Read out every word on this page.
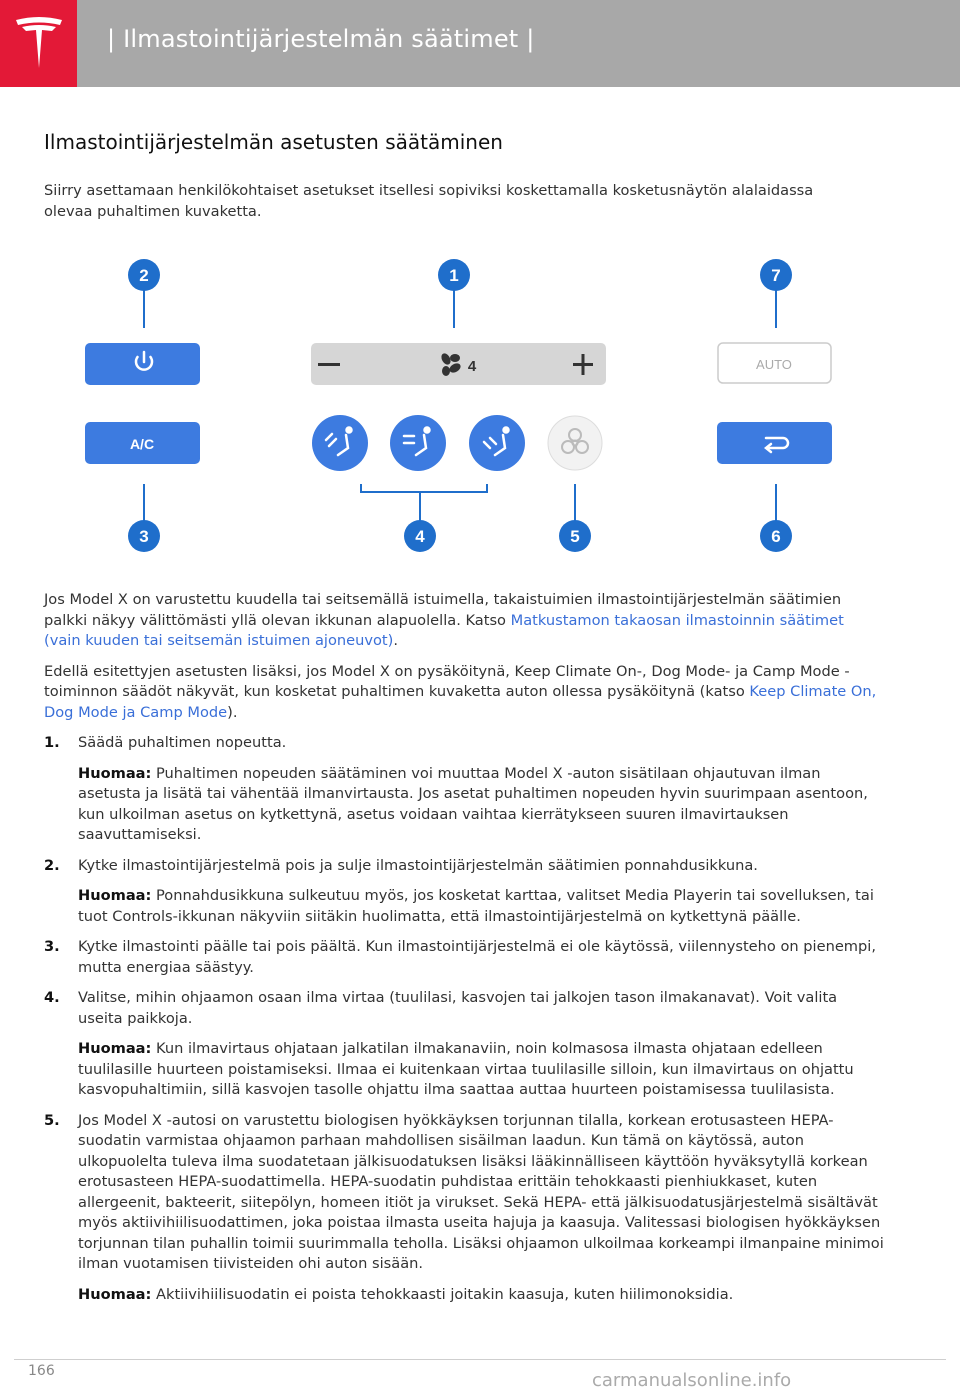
| Ilmastointijärjestelmän säätimet |
Ilmastointijärjestelmän asetusten säätäminen
Siirry asettamaan henkilökohtaiset asetukset itsellesi sopiviksi koskettamalla kosketusnäytön alalaidassa olevaa puhaltimen kuvaketta.
2	1	7
3	4	5	6
A/C
4	AUTO

Jos Model X on varustettu kuudella tai seitsemällä istuimella, takaistuimien ilmastointijärjestelmän säätimien palkki näkyy välittömästi yllä olevan ikkunan alapuolella. Katso Matkustamon takaosan ilmastoinnin säätimet (vain kuuden tai seitsemän istuimen ajoneuvot).

Edellä esitettyjen asetusten lisäksi, jos Model X on pysäköitynä, Keep Climate On-, Dog Mode- ja Camp Mode -toiminnon säädöt näkyvät, kun kosketat puhaltimen kuvaketta auton ollessa pysäköitynä (katso Keep Climate On, Dog Mode ja Camp Mode).

1. Säädä puhaltimen nopeutta.
Huomaa: Puhaltimen nopeuden säätäminen voi muuttaa Model X -auton sisätilaan ohjautuvan ilman asetusta ja lisätä tai vähentää ilmanvirtausta. Jos asetat puhaltimen nopeuden hyvin suurimpaan asentoon, kun ulkoilman asetus on kytkettynä, asetus voidaan vaihtaa kierrätykseen suuren ilmavirtauksen saavuttamiseksi.
2. Kytke ilmastointijärjestelmä pois ja sulje ilmastointijärjestelmän säätimien ponnahdusikkuna.
Huomaa: Ponnahdusikkuna sulkeutuu myös, jos kosketat karttaa, valitset Media Playerin tai sovelluksen, tai tuot Controls-ikkunan näkyviin siitäkin huolimatta, että ilmastointijärjestelmä on kytkettynä päälle.
3. Kytke ilmastointi päälle tai pois päältä. Kun ilmastointijärjestelmä ei ole käytössä, viilennysteho on pienempi, mutta energiaa säästyy.
4. Valitse, mihin ohjaamon osaan ilma virtaa (tuulilasi, kasvojen tai jalkojen tason ilmakanavat). Voit valita useita paikkoja.
Huomaa: Kun ilmavirtaus ohjataan jalkatilan ilmakanaviin, noin kolmasosa ilmasta ohjataan edelleen tuulilasille huurteen poistamiseksi. Ilmaa ei kuitenkaan virtaa tuulilasille silloin, kun ilmavirtaus on ohjattu kasvopuhaltimiin, sillä kasvojen tasolle ohjattu ilma saattaa auttaa huurteen poistamisessa tuulilasista.
5. Jos Model X -autosi on varustettu biologisen hyökkäyksen torjunnan tilalla, korkean erotusasteen HEPA-suodatin varmistaa ohjaamon parhaan mahdollisen sisäilman laadun. Kun tämä on käytössä, auton ulkopuolelta tuleva ilma suodatetaan jälkisuodatuksen lisäksi lääkinnälliseen käyttöön hyväksytyllä korkean erotusasteen HEPA-suodattimella. HEPA-suodatin puhdistaa erittäin tehokkaasti pienhiukkaset, kuten allergeenit, bakteerit, siitepölyn, homeen itiöt ja virukset. Sekä HEPA- että jälkisuodatusjärjestelmä sisältävät myös aktiivihiilisuodattimen, joka poistaa ilmasta useita hajuja ja kaasuja. Valitessasi biologisen hyökkäyksen torjunnan tilan puhallin toimii suurimmalla teholla. Lisäksi ohjaamon ulkoilmaa korkeampi ilmanpaine minimoi ilman vuotamisen tiivisteiden ohi auton sisään.
Huomaa: Aktiivihiilisuodatin ei poista tehokkaasti joitakin kaasuja, kuten hiilimonoksidia.
166	carmanualsonline.info
